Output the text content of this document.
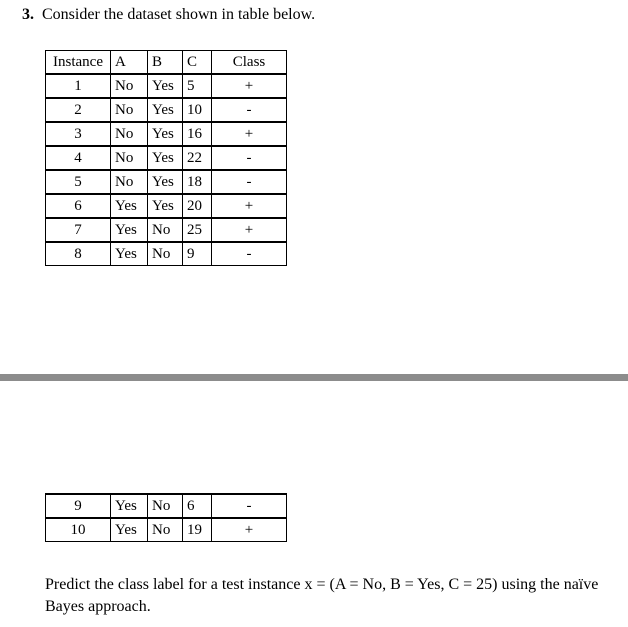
3. Consider the dataset shown in table below.
Instance	A	B	C	Class
1	No	Yes	5	+
2	No	Yes	10	-
3	No	Yes	16	+
4	No	Yes	22	-
5	No	Yes	18	-
6	Yes	Yes	20	+
7	Yes	No	25	+
8	Yes	No	9	-
9	Yes	No	6	-
10	Yes	No	19	+
Predict the class label for a test instance x = (A = No, B = Yes, C = 25) using the naïve
Bayes approach.
